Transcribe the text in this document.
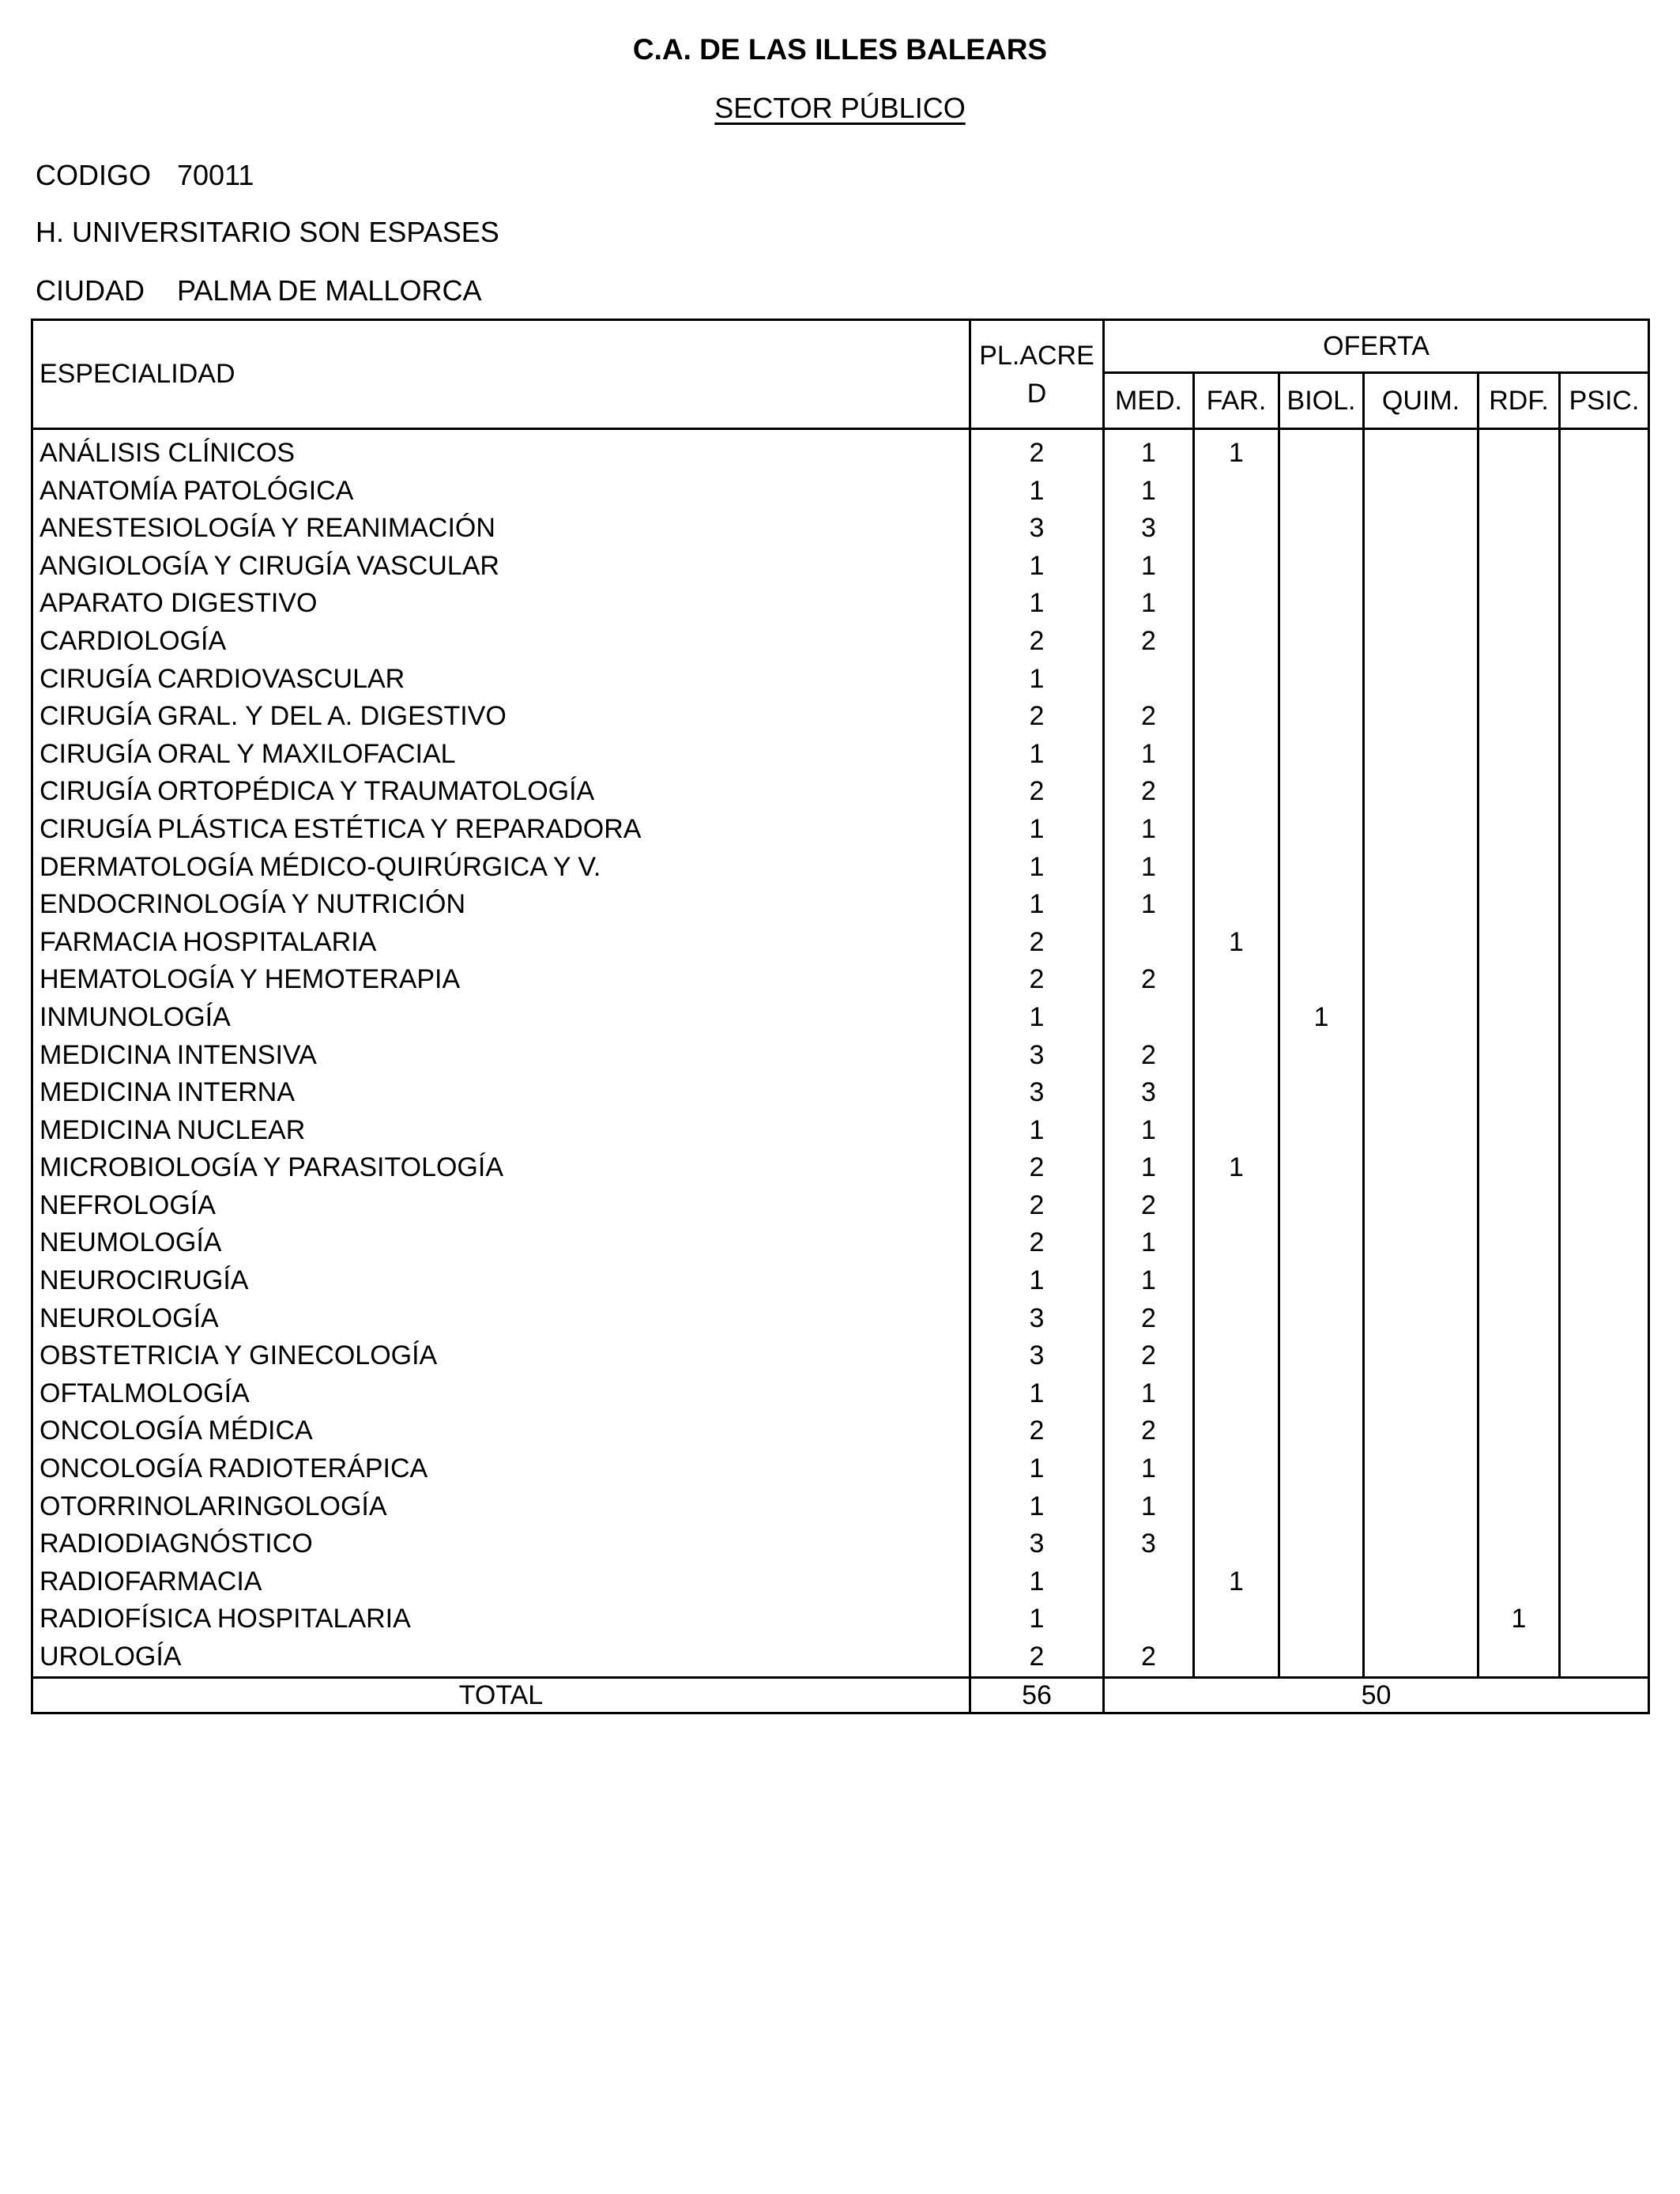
C.A. DE LAS ILLES BALEARS
SECTOR PÚBLICO
CODIGO 70011
H. UNIVERSITARIO SON ESPASES
CIUDAD PALMA DE MALLORCA
ESPECIALIDAD	PL.ACRE D	OFERTA					
		MED.	FAR.	BIOL.	QUIM.	RDF.	PSIC.
ANÁLISIS CLÍNICOS	2	1	1				
ANATOMÍA PATOLÓGICA	1	1					
ANESTESIOLOGÍA Y REANIMACIÓN	3	3					
ANGIOLOGÍA Y CIRUGÍA VASCULAR	1	1					
APARATO DIGESTIVO	1	1					
CARDIOLOGÍA	2	2					
CIRUGÍA CARDIOVASCULAR	1						
CIRUGÍA GRAL. Y DEL A. DIGESTIVO	2	2					
CIRUGÍA ORAL Y MAXILOFACIAL	1	1					
CIRUGÍA ORTOPÉDICA Y TRAUMATOLOGÍA	2	2					
CIRUGÍA PLÁSTICA ESTÉTICA Y REPARADORA	1	1					
DERMATOLOGÍA MÉDICO-QUIRÚRGICA Y V.	1	1					
ENDOCRINOLOGÍA Y NUTRICIÓN	1	1					
FARMACIA HOSPITALARIA	2		1				
HEMATOLOGÍA Y HEMOTERAPIA	2	2					
INMUNOLOGÍA	1			1			
MEDICINA INTENSIVA	3	2					
MEDICINA INTERNA	3	3					
MEDICINA NUCLEAR	1	1					
MICROBIOLOGÍA Y PARASITOLOGÍA	2	1	1				
NEFROLOGÍA	2	2					
NEUMOLOGÍA	2	1					
NEUROCIRUGÍA	1	1					
NEUROLOGÍA	3	2					
OBSTETRICIA Y GINECOLOGÍA	3	2					
OFTALMOLOGÍA	1	1					
ONCOLOGÍA MÉDICA	2	2					
ONCOLOGÍA RADIOTERÁPICA	1	1					
OTORRINOLARINGOLOGÍA	1	1					
RADIODIAGNÓSTICO	3	3					
RADIOFARMACIA	1		1				
RADIOFÍSICA HOSPITALARIA	1					1	
UROLOGÍA	2	2					
TOTAL	56	50					
